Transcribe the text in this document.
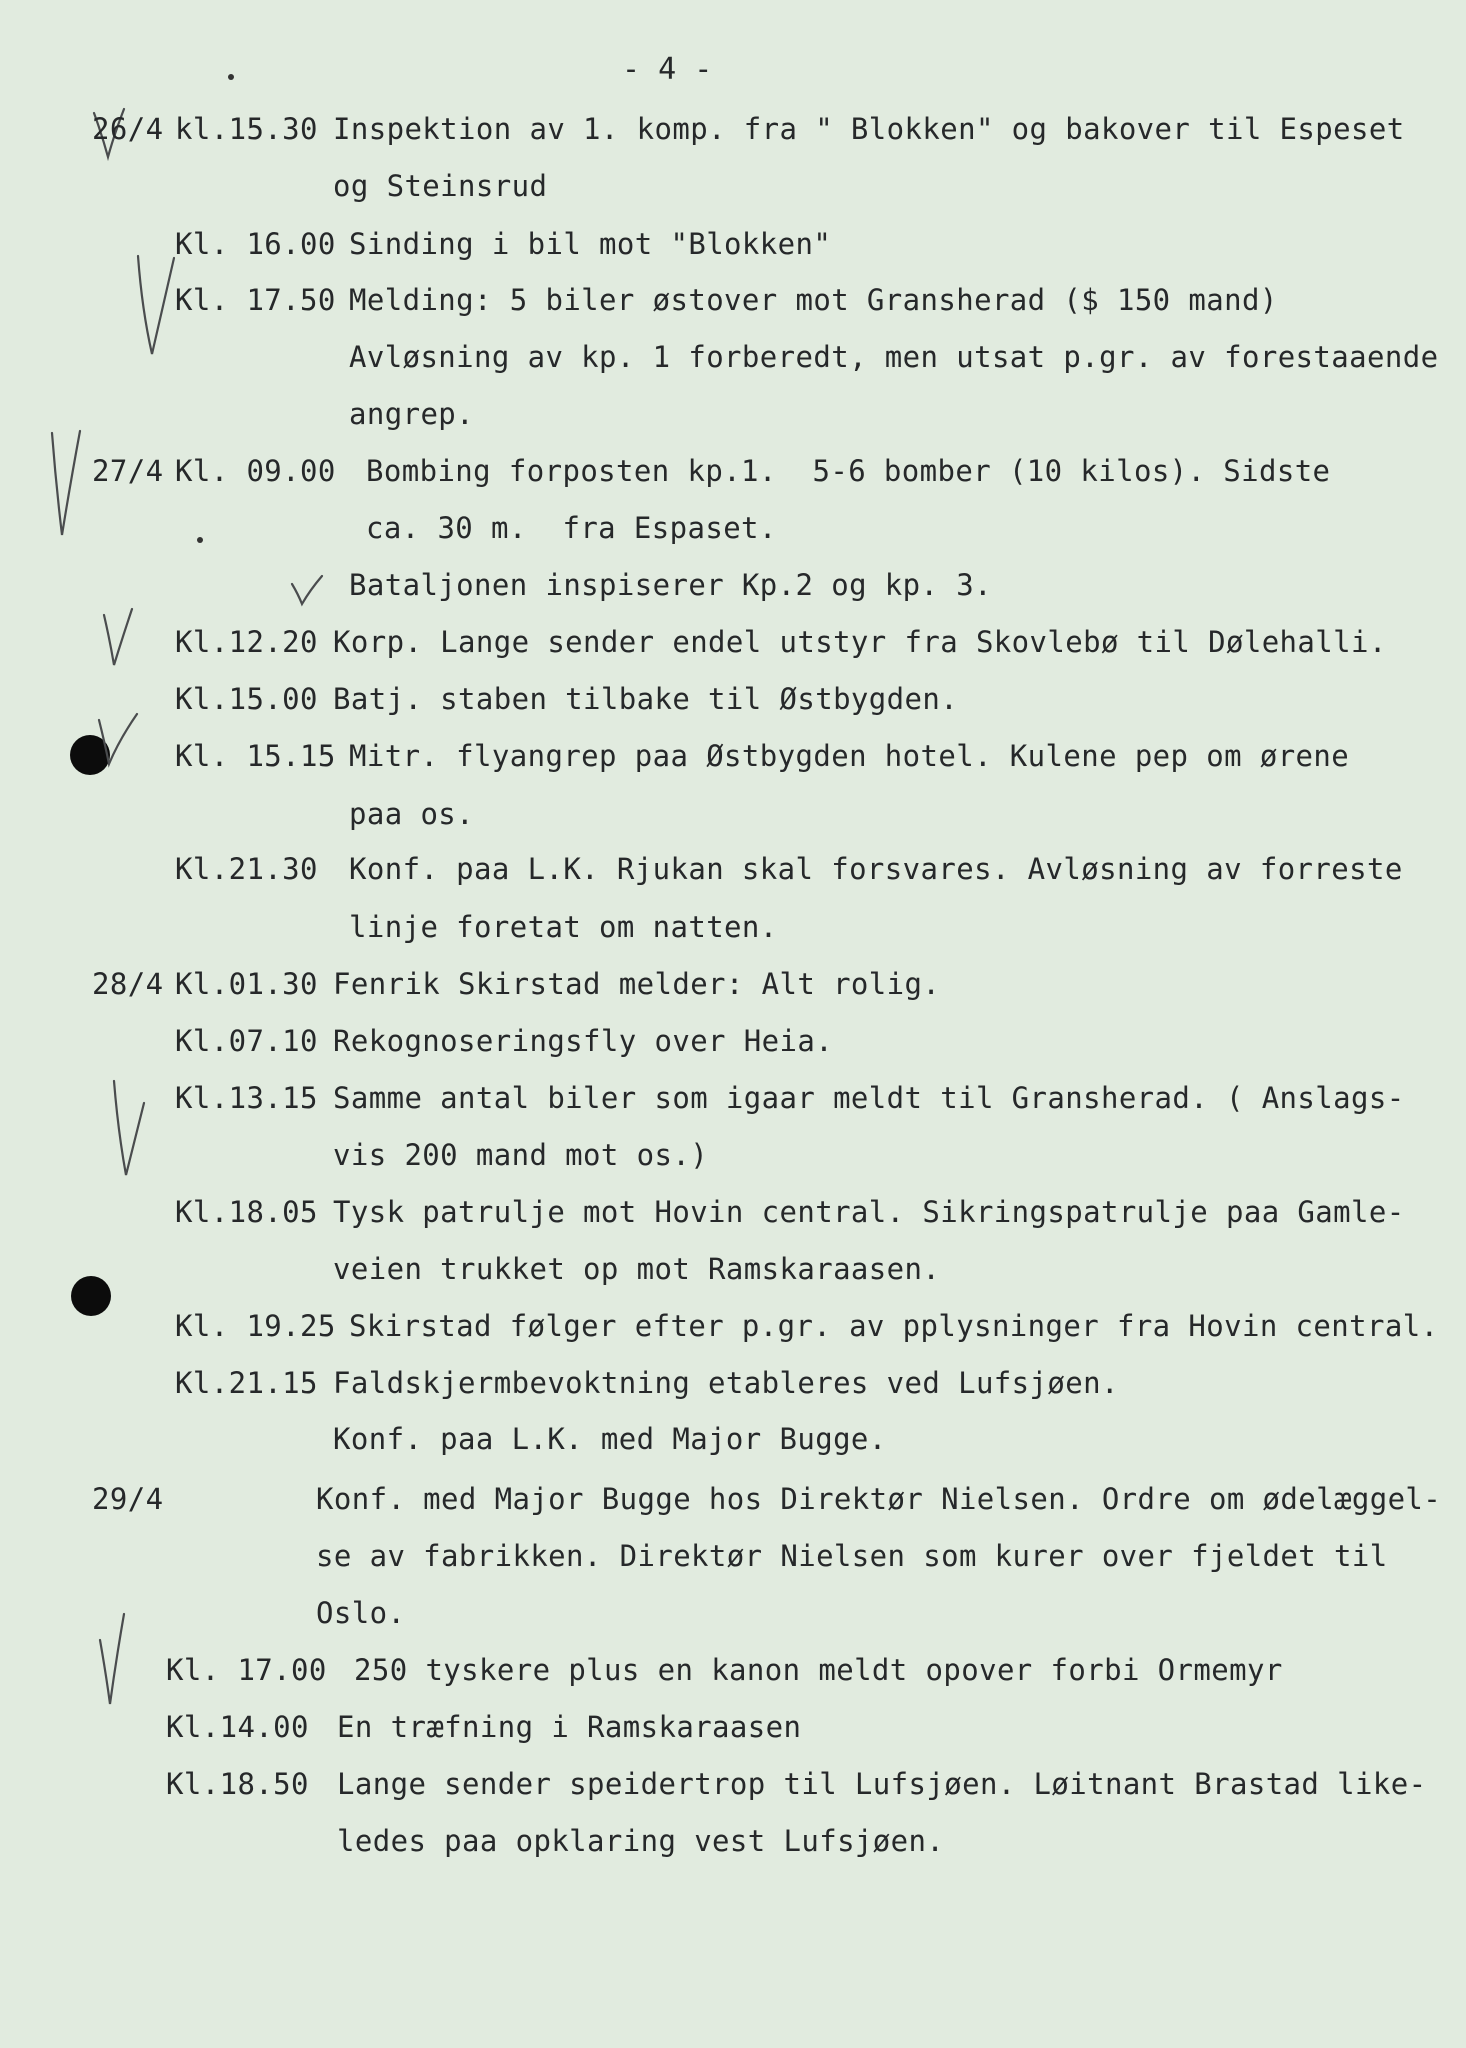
- 4 -
26/4 kl.15.30 Inspektion av 1. komp. fra " Blokken" og bakover til Espeset
og Steinsrud
Kl. 16.00 Sinding i bil mot "Blokken"
Kl. 17.50 Melding: 5 biler østover mot Gransherad ($ 150 mand)
Avløsning av kp. 1 forberedt, men utsat p.gr. av forestaaende
angrep.
27/4 Kl. 09.00 Bombing forposten kp.1.  5-6 bomber (10 kilos). Sidste
ca. 30 m.  fra Espaset.
Bataljonen inspiserer Kp.2 og kp. 3.
Kl.12.20 Korp. Lange sender endel utstyr fra Skovlebø til Dølehalli.
Kl.15.00 Batj. staben tilbake til Østbygden.
Kl. 15.15 Mitr. flyangrep paa Østbygden hotel. Kulene pep om ørene
paa os.
Kl.21.30 Konf. paa L.K. Rjukan skal forsvares. Avløsning av forreste
linje foretat om natten.
28/4 Kl.01.30 Fenrik Skirstad melder: Alt rolig.
Kl.07.10 Rekognoseringsfly over Heia.
Kl.13.15 Samme antal biler som igaar meldt til Gransherad. ( Anslags-
vis 200 mand mot os.)
Kl.18.05 Tysk patrulje mot Hovin central. Sikringspatrulje paa Gamle-
veien trukket op mot Ramskaraasen.
Kl. 19.25 Skirstad følger efter p.gr. av pplysninger fra Hovin central.
Kl.21.15 Faldskjermbevoktning etableres ved Lufsjøen.
Konf. paa L.K. med Major Bugge.
29/4	Konf. med Major Bugge hos Direktør Nielsen. Ordre om ødelæggel-
se av fabrikken. Direktør Nielsen som kurer over fjeldet til
Oslo.
Kl. 17.00 250 tyskere plus en kanon meldt opover forbi Ormemyr
Kl.14.00 En træfning i Ramskaraasen
Kl.18.50 Lange sender speidertrop til Lufsjøen. Løitnant Brastad like-
ledes paa opklaring vest Lufsjøen.
